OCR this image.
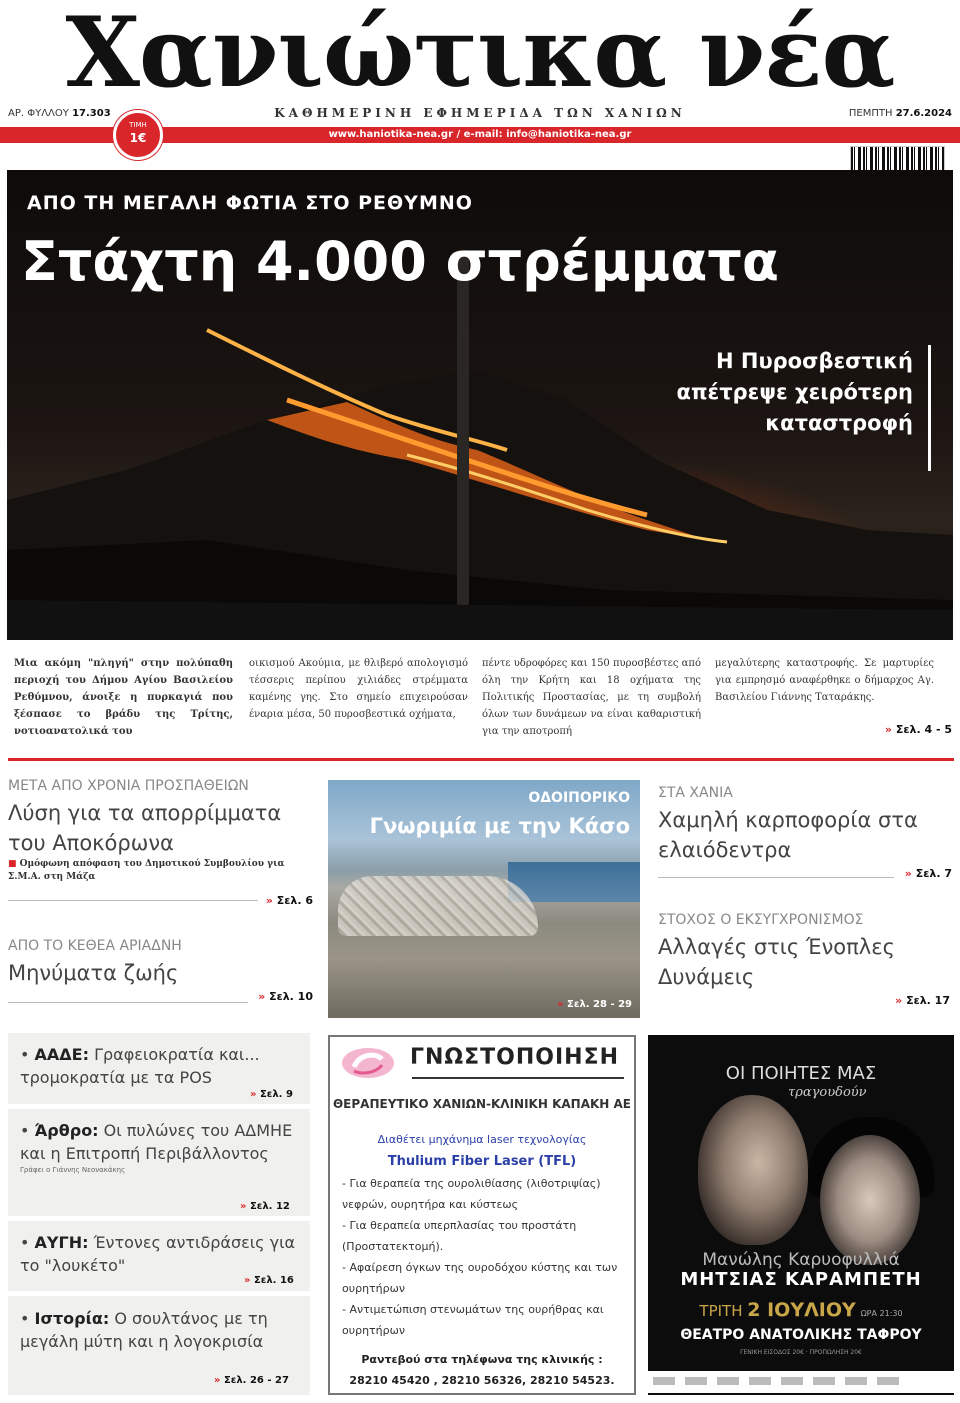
Χανιώτικα νέα
ΑΡ. ΦΥΛΛΟΥ 17.303	ΚΑΘΗΜΕΡΙΝΗ ΕΦΗΜΕΡΙΔΑ ΤΩΝ ΧΑΝΙΩΝ	ΠΕΜΠΤΗ 27.6.2024
www.haniotika-nea.gr / e-mail: info@haniotika-nea.gr
ΤΙΜΗ
1€
ΑΠΟ ΤΗ ΜΕΓΑΛΗ ΦΩΤΙΑ ΣΤΟ ΡΕΘΥΜΝΟ
Στάχτη 4.000 στρέμματα
Η Πυροσβεστική απέτρεψε χειρότερη καταστροφή
Μια ακόμη "πληγή" στην πολύπαθη περιοχή του Δήμου Αγίου Βασιλείου Ρεθύμνου, άνοιξε η πυρκαγιά που ξέσπασε το βράδυ της Τρίτης, νοτιοανατολικά του
οικισμού Ακούμια, με θλιβερό απολογισμό τέσσερις περίπου χιλιάδες στρέμματα καμένης γης. Στο σημείο επιχειρούσαν έναρια μέσα, 50 πυροσβεστικά οχήματα,
πέντε υδροφόρες και 150 πυροσβέστες από όλη την Κρήτη και 18 οχήματα της Πολιτικής Προστασίας, με τη συμβολή όλων των δυνάμεων να είναι καθαριστική για την αποτροπή
μεγαλύτερης καταστροφής. Σε μαρτυρίες για εμπρησμό αναφέρθηκε ο δήμαρχος Αγ. Βασιλείου Γιάννης Ταταράκης.
» Σελ. 4 - 5
ΜΕΤΑ ΑΠΟ ΧΡΟΝΙΑ ΠΡΟΣΠΑΘΕΙΩΝ
Λύση για τα απορρίμματα του Αποκόρωνα
■ Ομόφωνη απόφαση του Δημοτικού Συμβουλίου για Σ.Μ.Α. στη Μάζα
» Σελ. 6
ΑΠΟ ΤΟ ΚΕΘΕΑ ΑΡΙΑΔΝΗ
Μηνύματα ζωής
» Σελ. 10
ΟΔΟΙΠΟΡΙΚΟ
Γνωριμία με την Κάσο
» Σελ. 28 - 29
ΣΤΑ ΧΑΝΙΑ
Χαμηλή καρποφορία στα ελαιόδεντρα
» Σελ. 7
ΣΤΟΧΟΣ Ο ΕΚΣΥΓΧΡΟΝΙΣΜΟΣ
Αλλαγές στις Ένοπλες Δυνάμεις
» Σελ. 17
• ΑΑΔΕ: Γραφειοκρατία και... τρομοκρατία με τα POS
» Σελ. 9
• Άρθρο: Οι πυλώνες του ΑΔΜΗΕ και η Επιτροπή Περιβάλλοντος
Γράφει ο Γιάννης Νεονακάκης
» Σελ. 12
• ΑΥΓΗ: Έντονες αντιδράσεις για το "λουκέτο"
» Σελ. 16
• Ιστορία: Ο σουλτάνος με τη μεγάλη μύτη και η λογοκρισία
» Σελ. 26 - 27
ΓΝΩΣΤΟΠΟΙΗΣΗ
ΘΕΡΑΠΕΥΤΙΚΟ ΧΑΝΙΩΝ-ΚΛΙΝΙΚΗ ΚΑΠΑΚΗ ΑΕ
Διαθέτει μηχάνημα laser τεχνολογίας
Thulium Fiber Laser (TFL)
- Για θεραπεία της ουρολιθίασης (λιθοτριψίας) νεφρών, ουρητήρα και κύστεως
- Για θεραπεία υπερπλασίας του προστάτη (Προστατεκτομή).
- Αφαίρεση όγκων της ουροδόχου κύστης και των ουρητήρων
- Αντιμετώπιση στενωμάτων της ουρήθρας και ουρητήρων
Ραντεβού στα τηλέφωνα της κλινικής :
28210 45420 , 28210 56326, 28210 54523.
ΟΙ ΠΟΙΗΤΕΣ ΜΑΣ
τραγουδούν
Μανώλης Καρυοφυλλιά
ΜΗΤΣΙΑΣ ΚΑΡΑΜΠΕΤΗ
ΤΡΙΤΗ 2 ΙΟΥΛΙΟΥ ΩΡΑ 21:30
ΘΕΑΤΡΟ ΑΝΑΤΟΛΙΚΗΣ ΤΑΦΡΟΥ
ΓΕΝΙΚΗ ΕΙΣΟΔΟΣ 20€ · ΠΡΟΠΩΛΗΣΗ 20€
